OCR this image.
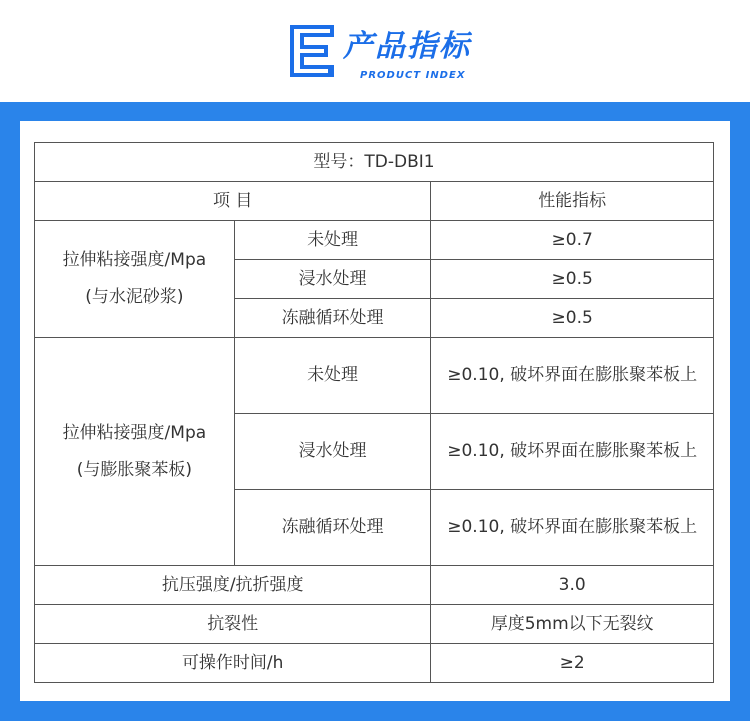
产品指标
PRODUCT INDEX
型号：TD-DBI1		
项 目		性能指标

拉伸粘接强度/Mpa
(与水泥砂浆)	未处理	≥0.7
	浸水处理	≥0.5
	冻融循环处理	≥0.5

拉伸粘接强度/Mpa
(与膨胀聚苯板)	未处理	≥0.10, 破坏界面在膨胀聚苯板上
	浸水处理	≥0.10, 破坏界面在膨胀聚苯板上
	冻融循环处理	≥0.10, 破坏界面在膨胀聚苯板上
抗压强度/抗折强度		3.0
抗裂性		厚度5mm以下无裂纹
可操作时间/h		≥2
